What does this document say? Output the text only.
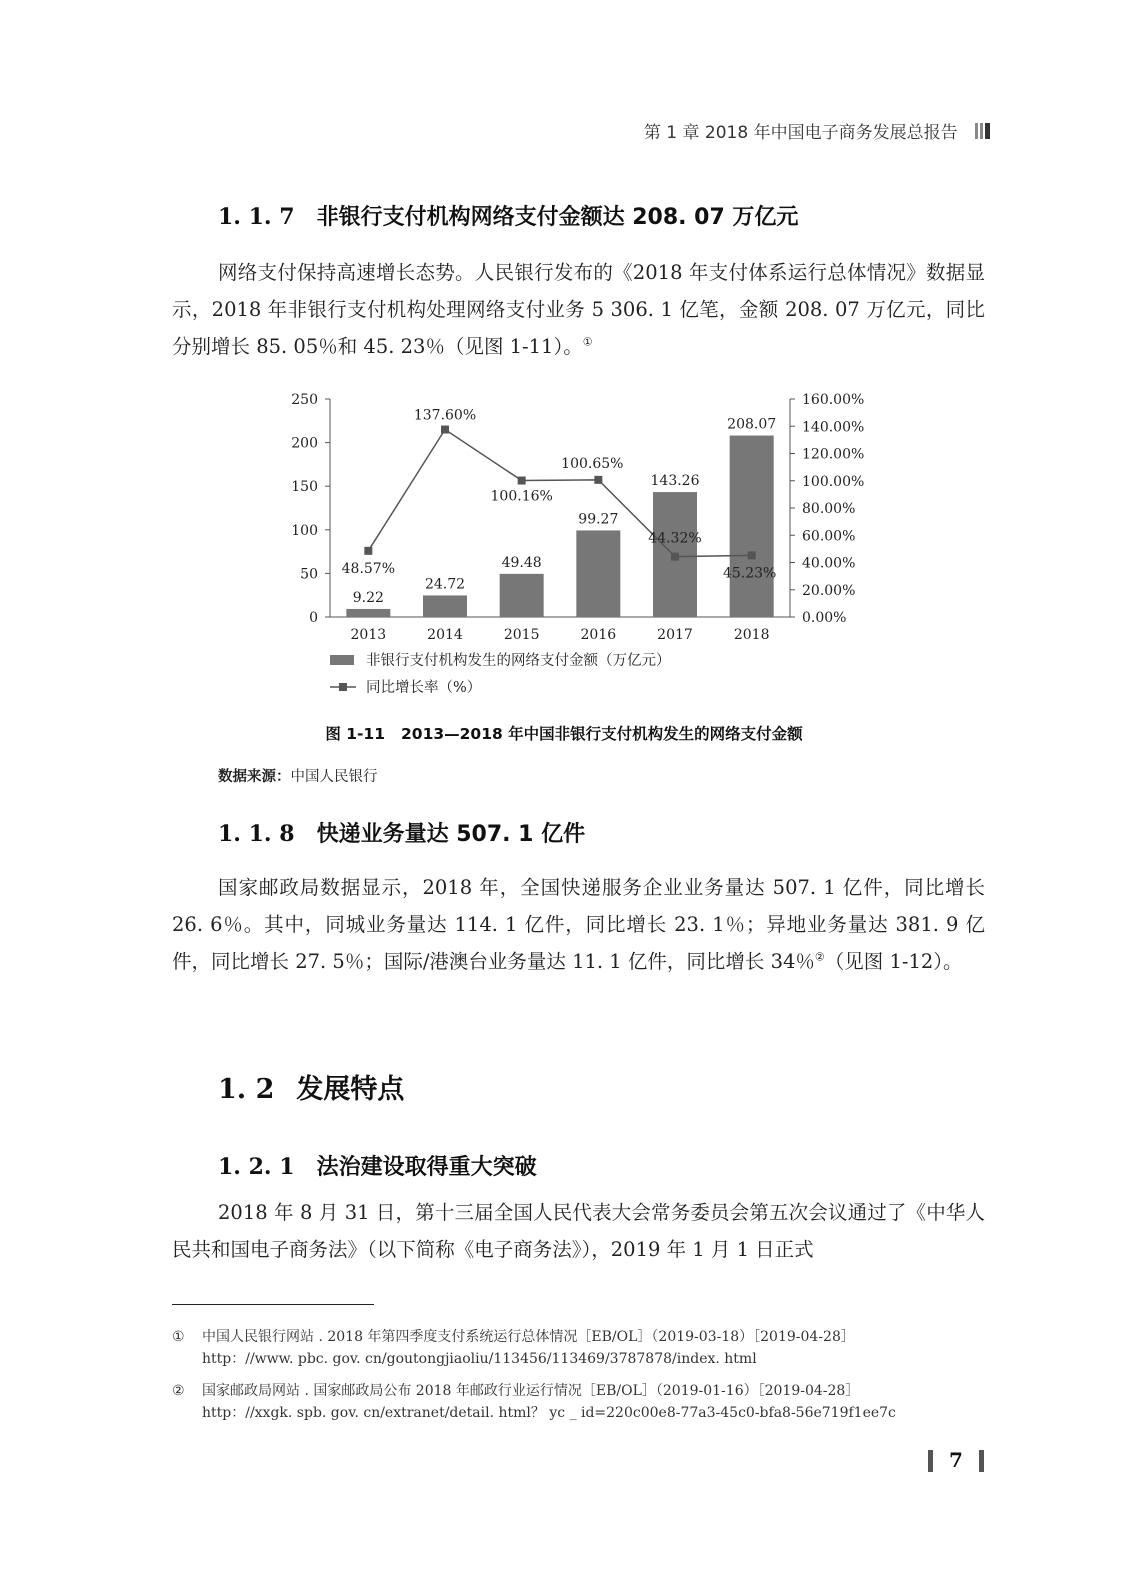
第 1 章 2018 年中国电子商务发展总报告
1. 1. 7 非银行支付机构网络支付金额达 208. 07 万亿元

网络支付保持高速增长态势。人民银行发布的《2018 年支付体系运行总体情况》数据显示，2018 年非银行支付机构处理网络支付业务 5 306. 1 亿笔，金额 208. 07 万亿元，同比分别增长 85. 05％和 45. 23％（见图 1-11）。①

0
50
100
150
200
250
0.00%
20.00%
40.00%
60.00%
80.00%
100.00%
120.00%
140.00%
160.00%
9.22
24.72
49.48
99.27
143.26
208.07
2013	2014	2015	2016	2017	2018
48.57%
137.60%
100.16%
100.65%
44.32%
45.23%
非银行支付机构发生的网络支付金额（万亿元）
同比增长率（%）
图 1-11 2013—2018 年中国非银行支付机构发生的网络支付金额
数据来源：中国人民银行
1. 1. 8 快递业务量达 507. 1 亿件

国家邮政局数据显示，2018 年，全国快递服务企业业务量达 507. 1 亿件，同比增长 26. 6％。其中，同城业务量达 114. 1 亿件，同比增长 23. 1％；异地业务量达 381. 9 亿件，同比增长 27. 5％；国际/港澳台业务量达 11. 1 亿件，同比增长 34％②（见图 1-12）。

1. 2 发展特点
1. 2. 1 法治建设取得重大突破

2018 年 8 月 31 日，第十三届全国人民代表大会常务委员会第五次会议通过了《中华人民共和国电子商务法》（以下简称《电子商务法》），2019 年 1 月 1 日正式

① 中国人民银行网站 . 2018 年第四季度支付系统运行总体情况［EB/OL］（2019-03-18）［2019-04-28］
http：//www. pbc. gov. cn/goutongjiaoliu/113456/113469/3787878/index. html
② 国家邮政局网站 . 国家邮政局公布 2018 年邮政行业运行情况［EB/OL］（2019-01-16）［2019-04-28］
http：//xxgk. spb. gov. cn/extranet/detail. html？ yc _ id=220c00e8-77a3-45c0-bfa8-56e719f1ee7c
7
